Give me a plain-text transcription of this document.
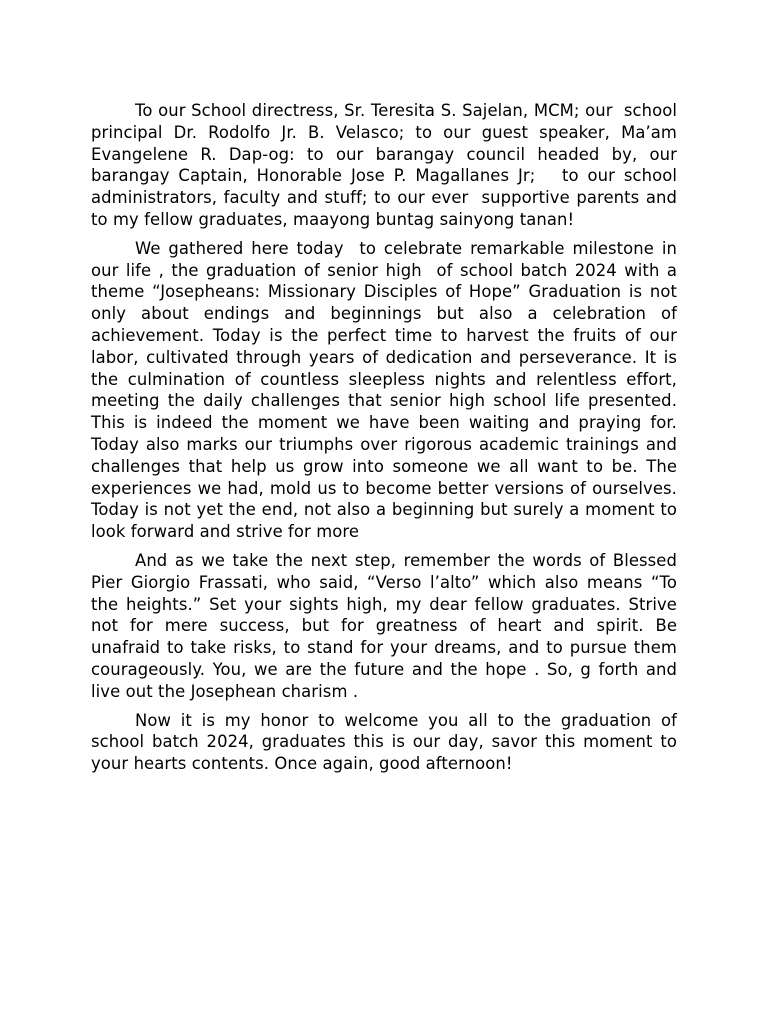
To our School directress, Sr. Teresita S. Sajelan, MCM; our  school principal Dr. Rodolfo Jr. B. Velasco; to our guest speaker, Ma’am Evangelene R. Dap-og: to our barangay council headed by, our barangay Captain, Honorable Jose P. Magallanes Jr;   to our school administrators, faculty and stuff; to our ever  supportive parents and to my fellow graduates, maayong buntag sainyong tanan!

We gathered here today  to celebrate remarkable milestone in our life , the graduation of senior high  of school batch 2024 with a theme “Josepheans: Missionary Disciples of Hope” Graduation is not only about endings and beginnings but also a celebration of achievement. Today is the perfect time to harvest the fruits of our labor, cultivated through years of dedication and perseverance. It is the culmination of countless sleepless nights and relentless effort, meeting the daily challenges that senior high school life presented. This is indeed the moment we have been waiting and praying for. Today also marks our triumphs over rigorous academic trainings and challenges that help us grow into someone we all want to be. The experiences we had, mold us to become better versions of ourselves. Today is not yet the end, not also a beginning but surely a moment to look forward and strive for more

And as we take the next step, remember the words of Blessed Pier Giorgio Frassati, who said, “Verso l’alto” which also means “To the heights.” Set your sights high, my dear fellow graduates. Strive not for mere success, but for greatness of heart and spirit. Be unafraid to take risks, to stand for your dreams, and to pursue them courageously. You, we are the future and the hope . So, g forth and live out the Josephean charism .

Now it is my honor to welcome you all to the graduation of school batch 2024, graduates this is our day, savor this moment to your hearts contents. Once again, good afternoon!
